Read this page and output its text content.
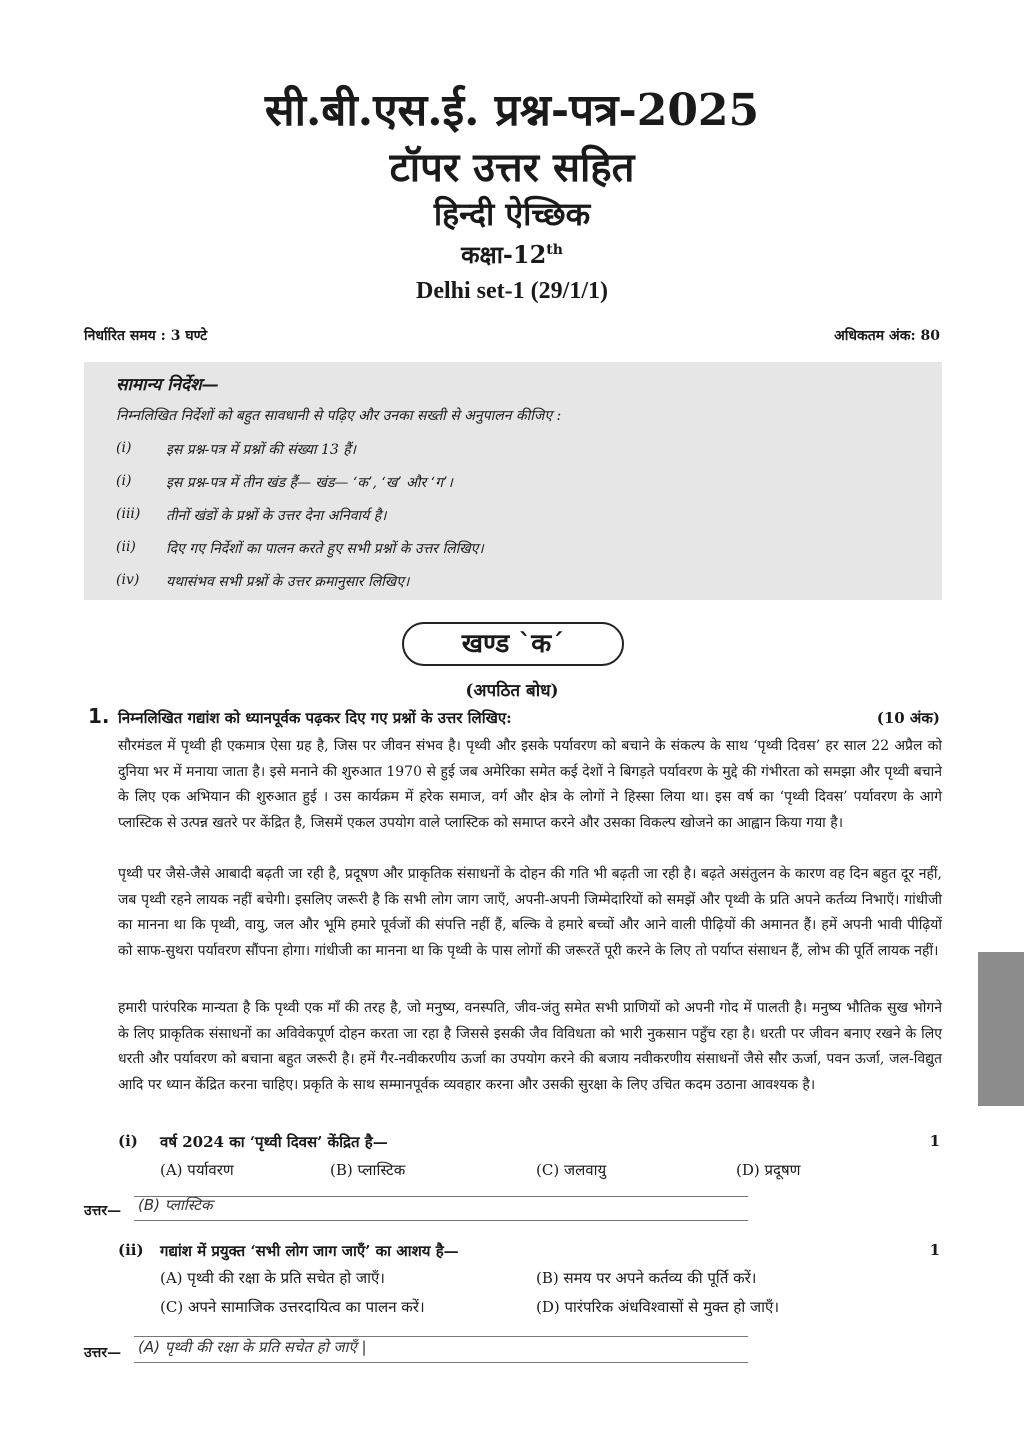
सी.बी.एस.ई. प्रश्न-पत्र-2025
टॉपर उत्तर सहित
हिन्दी ऐच्छिक
कक्षा-12th
Delhi set-1 (29/1/1)
निर्धारित समय : 3 घण्टे	अधिकतम अंक: 80
सामान्य निर्देश—
निम्नलिखित निर्देशों को बहुत सावधानी से पढ़िए और उनका सख्ती से अनुपालन कीजिए :
(i)	इस प्रश्न-पत्र में प्रश्नों की संख्या 13 हैं।
(i)	इस प्रश्न-पत्र में तीन खंड हैं— खंड— ‘क’, ‘ख’ और ‘ग’।
(iii)	तीनों खंडों के प्रश्नों के उत्तर देना अनिवार्य है।
(ii)	दिए गए निर्देशों का पालन करते हुए सभी प्रश्नों के उत्तर लिखिए।
(iv)	यथासंभव सभी प्रश्नों के उत्तर क्रमानुसार लिखिए।
खण्ड `क´
(अपठित बोध)
1. निम्नलिखित गद्यांश को ध्यानपूर्वक पढ़कर दिए गए प्रश्नों के उत्तर लिखिए:	(10 अंक)
सौरमंडल में पृथ्वी ही एकमात्र ऐसा ग्रह है, जिस पर जीवन संभव है। पृथ्वी और इसके पर्यावरण को बचाने के संकल्प के साथ ‘पृथ्वी दिवस’ हर साल 22 अप्रैल को दुनिया भर में मनाया जाता है। इसे मनाने की शुरुआत 1970 से हुई जब अमेरिका समेत कई देशों ने बिगड़ते पर्यावरण के मुद्दे की गंभीरता को समझा और पृथ्वी बचाने के लिए एक अभियान की शुरुआत हुई । उस कार्यक्रम में हरेक समाज, वर्ग और क्षेत्र के लोगों ने हिस्सा लिया था। इस वर्ष का ‘पृथ्वी दिवस’ पर्यावरण के आगे प्लास्टिक से उत्पन्न खतरे पर केंद्रित है, जिसमें एकल उपयोग वाले प्लास्टिक को समाप्त करने और उसका विकल्प खोजने का आह्वान किया गया है।
पृथ्वी पर जैसे-जैसे आबादी बढ़ती जा रही है, प्रदूषण और प्राकृतिक संसाधनों के दोहन की गति भी बढ़ती जा रही है। बढ़ते असंतुलन के कारण वह दिन बहुत दूर नहीं, जब पृथ्वी रहने लायक नहीं बचेगी। इसलिए जरूरी है कि सभी लोग जाग जाएँ, अपनी-अपनी जिम्मेदारियों को समझें और पृथ्वी के प्रति अपने कर्तव्य निभाएँ। गांधीजी का मानना था कि पृथ्वी, वायु, जल और भूमि हमारे पूर्वजों की संपत्ति नहीं हैं, बल्कि वे हमारे बच्चों और आने वाली पीढ़ियों की अमानत हैं। हमें अपनी भावी पीढ़ियों को साफ-सुथरा पर्यावरण सौंपना होगा। गांधीजी का मानना था कि पृथ्वी के पास लोगों की जरूरतें पूरी करने के लिए तो पर्याप्त संसाधन हैं, लोभ की पूर्ति लायक नहीं।
हमारी पारंपरिक मान्यता है कि पृथ्वी एक माँ की तरह है, जो मनुष्य, वनस्पति, जीव-जंतु समेत सभी प्राणियों को अपनी गोद में पालती है। मनुष्य भौतिक सुख भोगने के लिए प्राकृतिक संसाधनों का अविवेकपूर्ण दोहन करता जा रहा है जिससे इसकी जैव विविधता को भारी नुकसान पहुँच रहा है। धरती पर जीवन बनाए रखने के लिए धरती और पर्यावरण को बचाना बहुत जरूरी है। हमें गैर-नवीकरणीय ऊर्जा का उपयोग करने की बजाय नवीकरणीय संसाधनों जैसे सौर ऊर्जा, पवन ऊर्जा, जल-विद्युत आदि पर ध्यान केंद्रित करना चाहिए। प्रकृति के साथ सम्मानपूर्वक व्यवहार करना और उसकी सुरक्षा के लिए उचित कदम उठाना आवश्यक है।
(i) वर्ष 2024 का ‘पृथ्वी दिवस’ केंद्रित है—	1
(A) पर्यावरण	(B) प्लास्टिक	(C) जलवायु	(D) प्रदूषण
उत्तर— (B) प्लास्टिक
(ii) गद्यांश में प्रयुक्त ‘सभी लोग जाग जाएँ’ का आशय है—	1
(A) पृथ्वी की रक्षा के प्रति सचेत हो जाएँ।	(B) समय पर अपने कर्तव्य की पूर्ति करें।
(C) अपने सामाजिक उत्तरदायित्व का पालन करें।	(D) पारंपरिक अंधविश्वासों से मुक्त हो जाएँ।
उत्तर— (A) पृथ्वी की रक्षा के प्रति सचेत हो जाएँ |
